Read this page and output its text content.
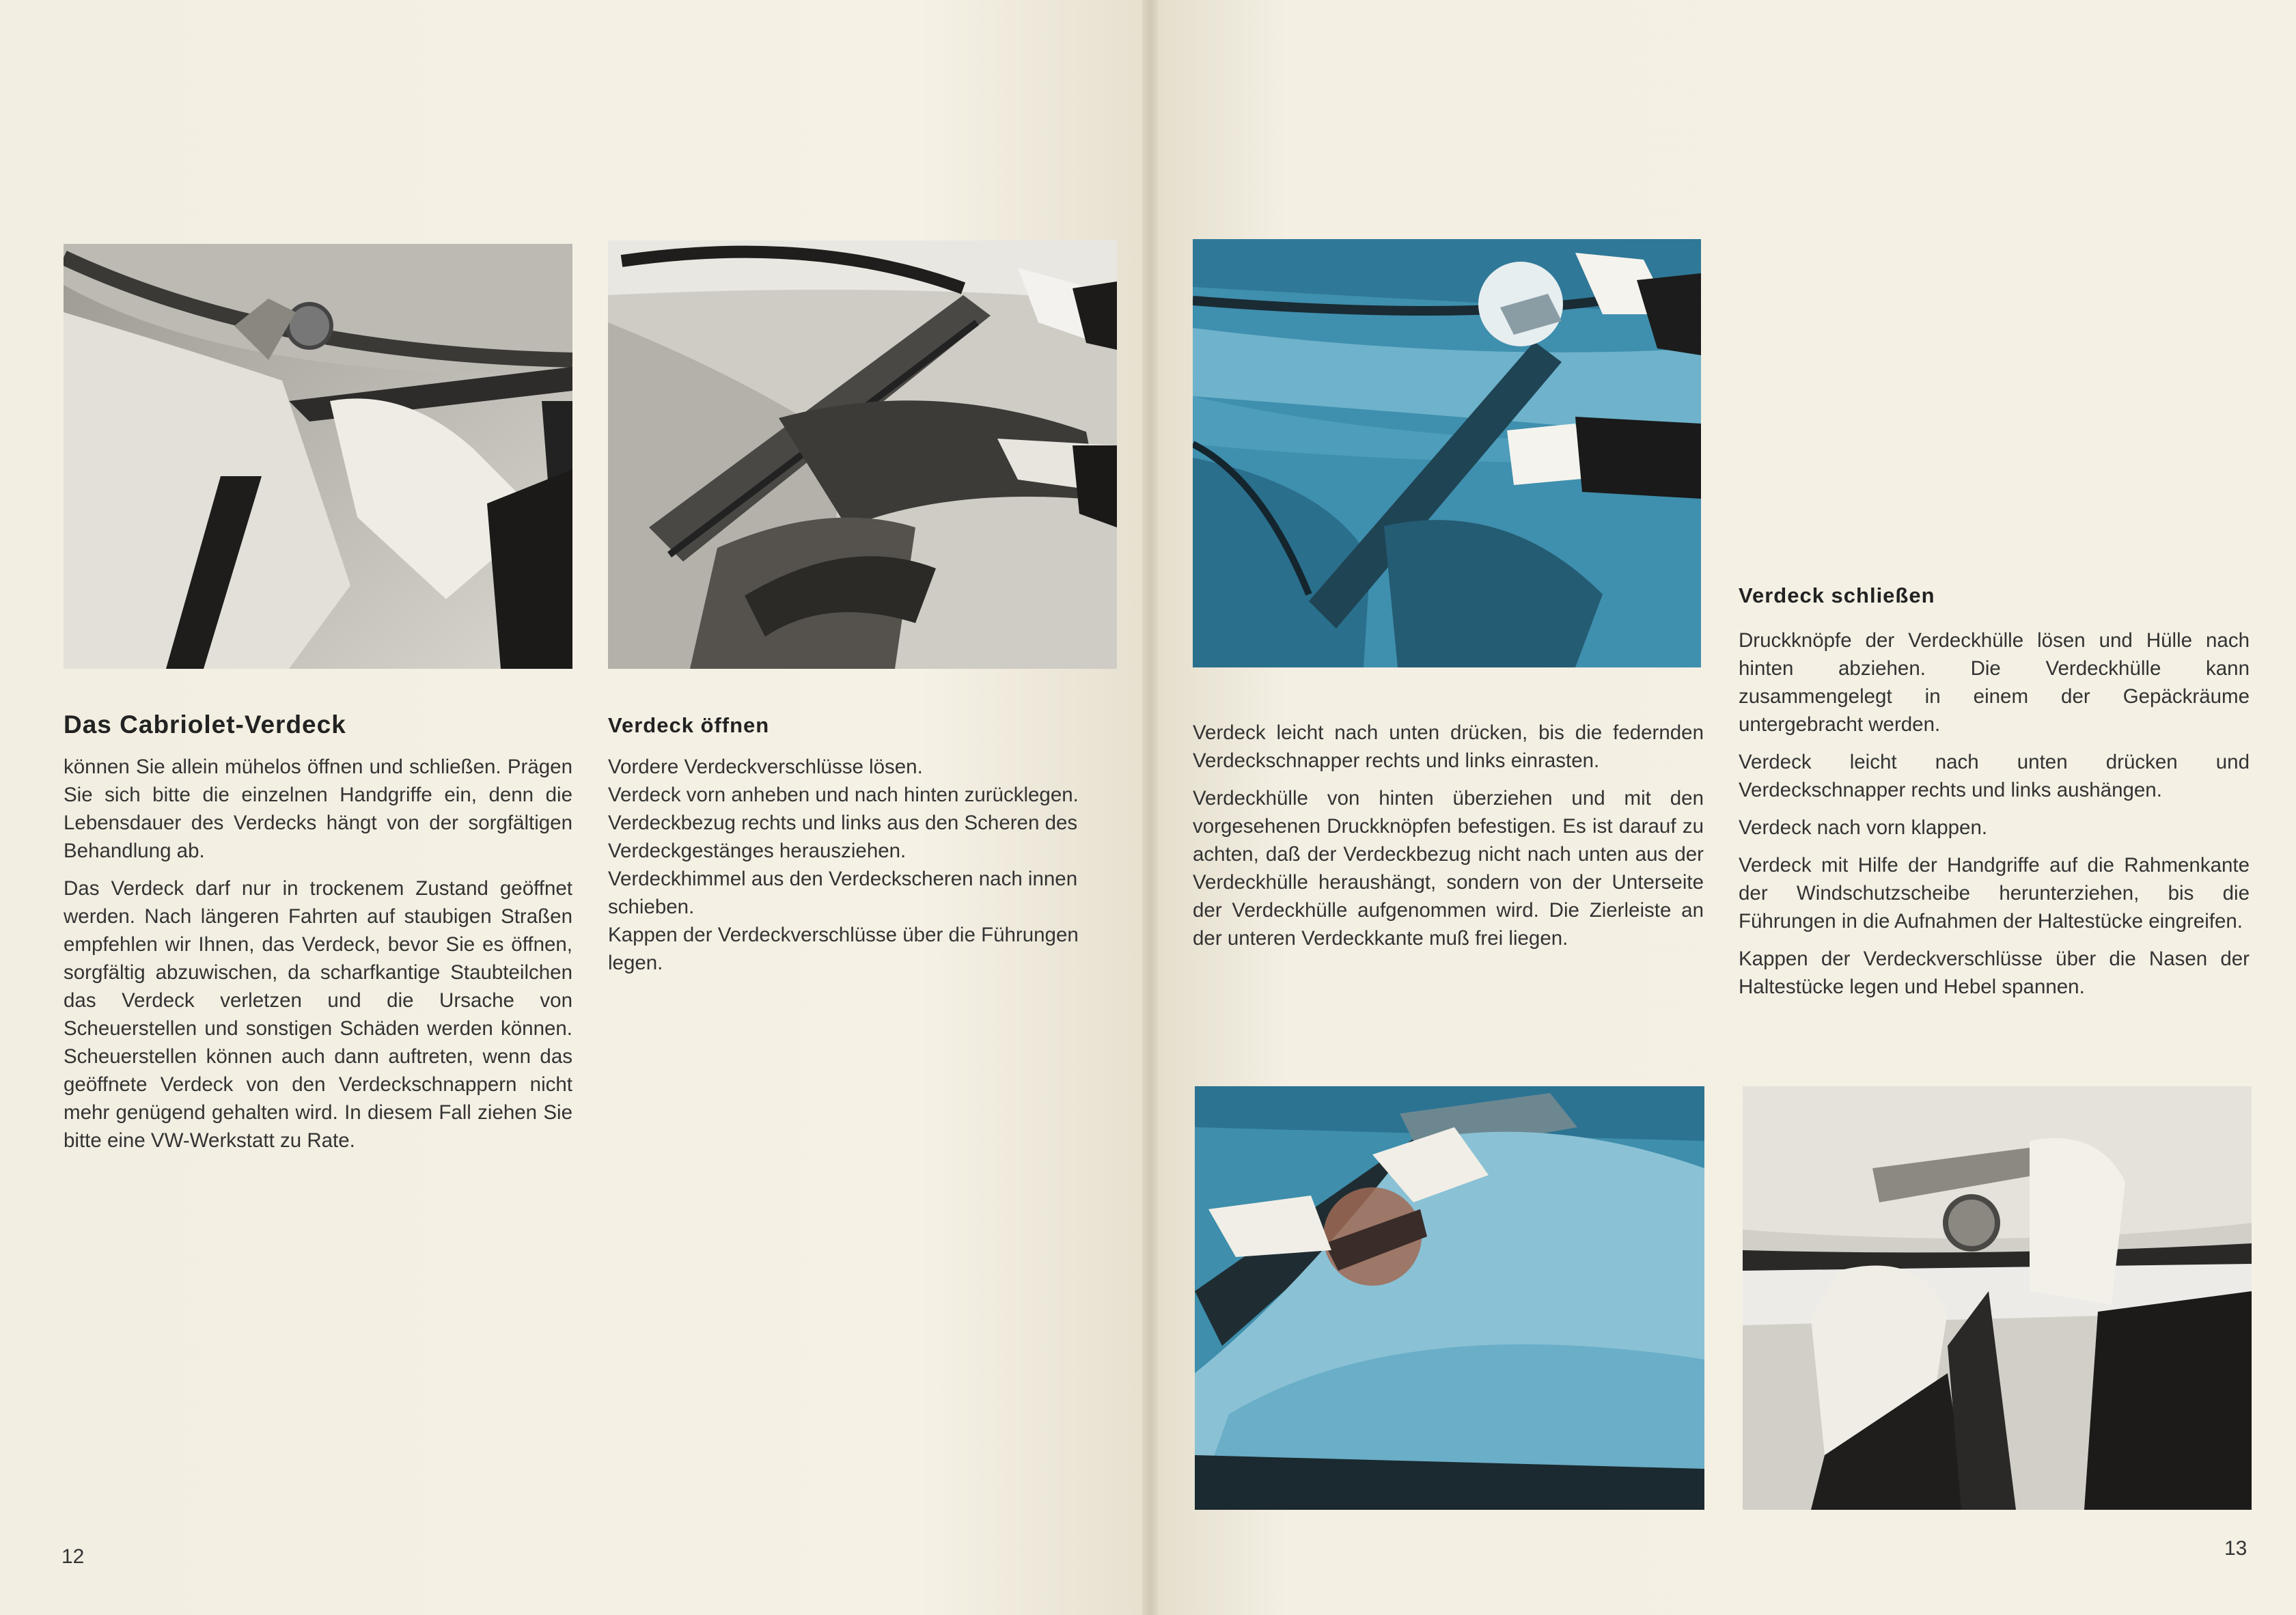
Das Cabriolet-Verdeck

können Sie allein mühelos öffnen und schließen. Prägen Sie sich bitte die einzelnen Handgriffe ein, denn die Lebensdauer des Verdecks hängt von der sorgfältigen Behandlung ab.

Das Verdeck darf nur in trockenem Zustand geöffnet werden. Nach längeren Fahrten auf staubigen Straßen empfehlen wir Ihnen, das Verdeck, bevor Sie es öffnen, sorgfältig abzuwischen, da scharfkantige Staubteilchen das Verdeck verletzen und die Ursache von Scheuerstellen und sonstigen Schäden werden können. Scheuerstellen können auch dann auftreten, wenn das geöffnete Verdeck von den Verdeckschnappern nicht mehr genügend gehalten wird. In diesem Fall ziehen Sie bitte eine VW-Werkstatt zu Rate.

Verdeck öffnen

Vordere Verdeckverschlüsse lösen.

Verdeck vorn anheben und nach hinten zurücklegen.

Verdeckbezug rechts und links aus den Scheren des Verdeckgestänges herausziehen.

Verdeckhimmel aus den Verdeckscheren nach innen schieben.

Kappen der Verdeckverschlüsse über die Führungen legen.

12

Verdeck leicht nach unten drücken, bis die federnden Verdeckschnapper rechts und links einrasten.

Verdeckhülle von hinten überziehen und mit den vorgesehenen Druckknöpfen befestigen. Es ist darauf zu achten, daß der Verdeckbezug nicht nach unten aus der Verdeckhülle heraushängt, sondern von der Unterseite der Verdeckhülle aufgenommen wird. Die Zierleiste an der unteren Verdeckkante muß frei liegen.

Verdeck schließen

Druckknöpfe der Verdeckhülle lösen und Hülle nach hinten abziehen. Die Verdeckhülle kann zusammengelegt in einem der Gepäckräume untergebracht werden.

Verdeck leicht nach unten drücken und Verdeckschnapper rechts und links aushängen.

Verdeck nach vorn klappen.

Verdeck mit Hilfe der Handgriffe auf die Rahmenkante der Windschutzscheibe herunterziehen, bis die Führungen in die Aufnahmen der Haltestücke eingreifen.

Kappen der Verdeckverschlüsse über die Nasen der Haltestücke legen und Hebel spannen.

13
